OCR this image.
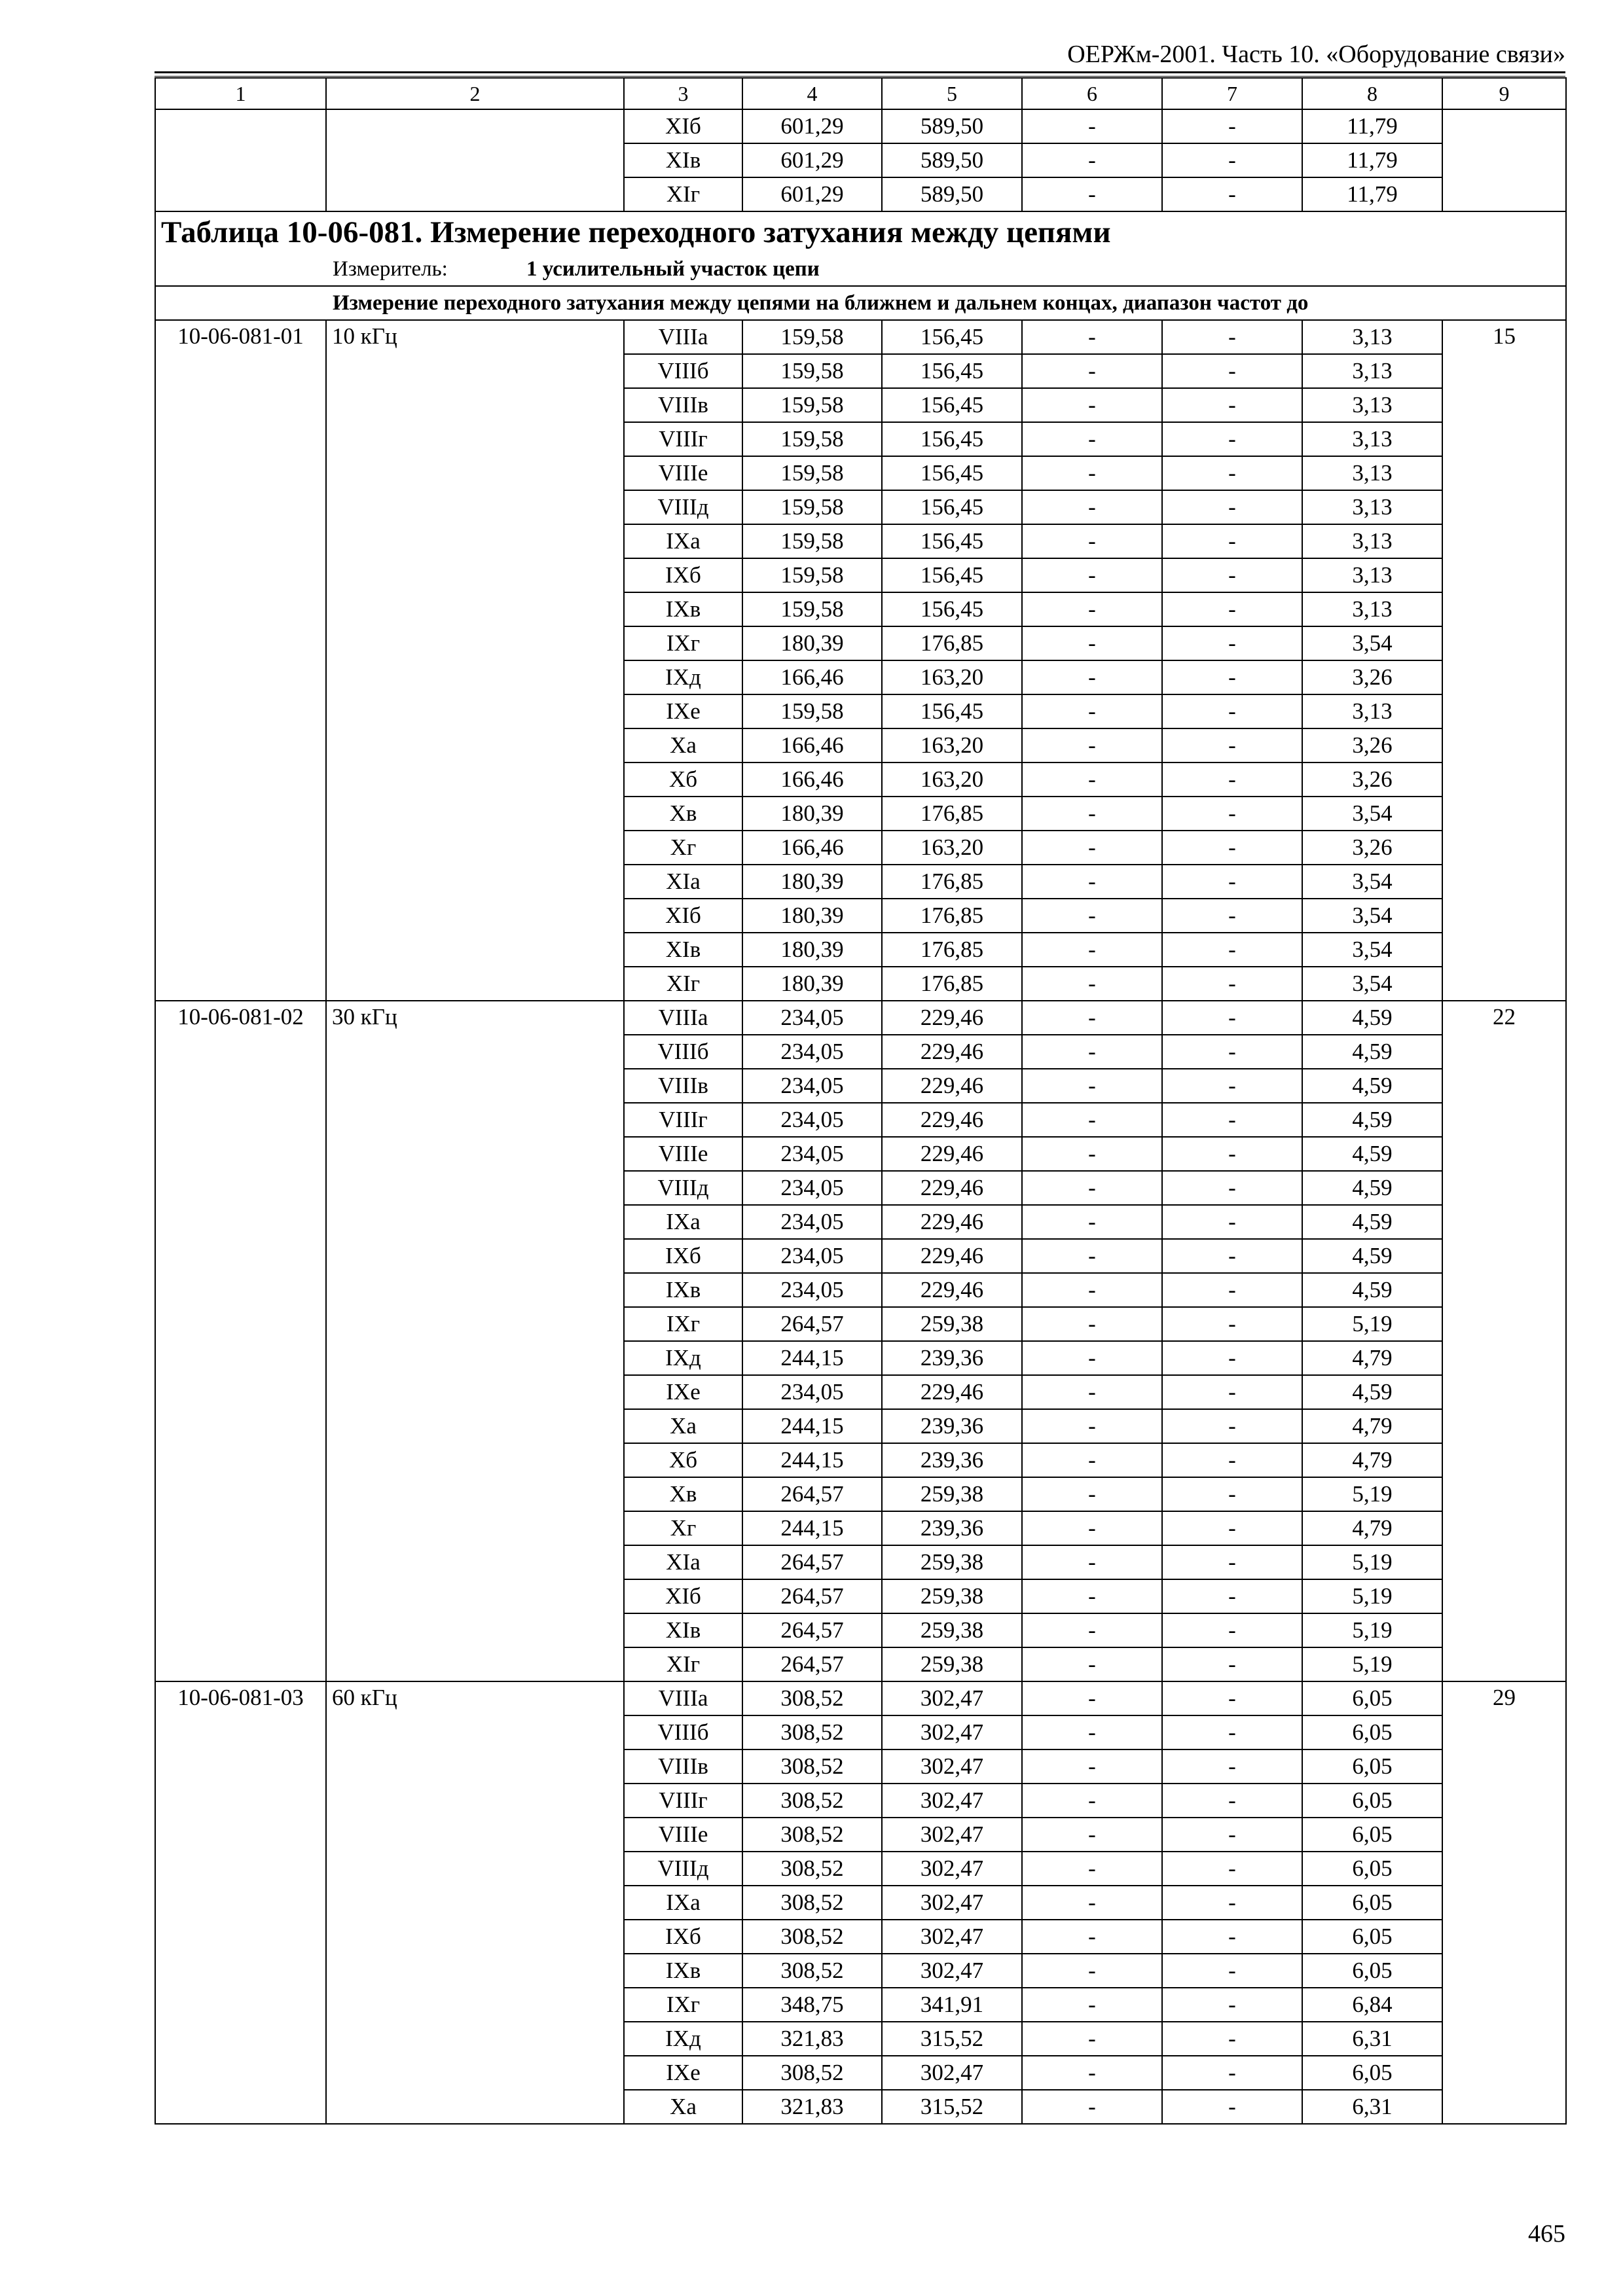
ОЕРЖм-2001. Часть 10. «Оборудование связи»
1	2	3	4	5	6	7	8	9
		XIб	601,29	589,50	-	-	11,79	
		XIв	601,29	589,50	-	-	11,79	
		XIг	601,29	589,50	-	-	11,79	
Таблица 10-06-081. Измерение переходного затухания между цепями								
Измеритель: 1 усилительный участок цепи								
Измерение переходного затухания между цепями на ближнем и дальнем концах, диапазон частот до								
10-06-081-01	10 кГц	VIIIа	159,58	156,45	-	-	3,13	15
		VIIIб	159,58	156,45	-	-	3,13	
		VIIIв	159,58	156,45	-	-	3,13	
		VIIIг	159,58	156,45	-	-	3,13	
		VIIIе	159,58	156,45	-	-	3,13	
		VIIIд	159,58	156,45	-	-	3,13	
		IXа	159,58	156,45	-	-	3,13	
		IXб	159,58	156,45	-	-	3,13	
		IXв	159,58	156,45	-	-	3,13	
		IXг	180,39	176,85	-	-	3,54	
		IXд	166,46	163,20	-	-	3,26	
		IXе	159,58	156,45	-	-	3,13	
		Xа	166,46	163,20	-	-	3,26	
		Xб	166,46	163,20	-	-	3,26	
		Xв	180,39	176,85	-	-	3,54	
		Xг	166,46	163,20	-	-	3,26	
		XIа	180,39	176,85	-	-	3,54	
		XIб	180,39	176,85	-	-	3,54	
		XIв	180,39	176,85	-	-	3,54	
		XIг	180,39	176,85	-	-	3,54	
10-06-081-02	30 кГц	VIIIа	234,05	229,46	-	-	4,59	22
		VIIIб	234,05	229,46	-	-	4,59	
		VIIIв	234,05	229,46	-	-	4,59	
		VIIIг	234,05	229,46	-	-	4,59	
		VIIIе	234,05	229,46	-	-	4,59	
		VIIIд	234,05	229,46	-	-	4,59	
		IXа	234,05	229,46	-	-	4,59	
		IXб	234,05	229,46	-	-	4,59	
		IXв	234,05	229,46	-	-	4,59	
		IXг	264,57	259,38	-	-	5,19	
		IXд	244,15	239,36	-	-	4,79	
		IXе	234,05	229,46	-	-	4,59	
		Xа	244,15	239,36	-	-	4,79	
		Xб	244,15	239,36	-	-	4,79	
		Xв	264,57	259,38	-	-	5,19	
		Xг	244,15	239,36	-	-	4,79	
		XIа	264,57	259,38	-	-	5,19	
		XIб	264,57	259,38	-	-	5,19	
		XIв	264,57	259,38	-	-	5,19	
		XIг	264,57	259,38	-	-	5,19	
10-06-081-03	60 кГц	VIIIа	308,52	302,47	-	-	6,05	29
		VIIIб	308,52	302,47	-	-	6,05	
		VIIIв	308,52	302,47	-	-	6,05	
		VIIIг	308,52	302,47	-	-	6,05	
		VIIIе	308,52	302,47	-	-	6,05	
		VIIIд	308,52	302,47	-	-	6,05	
		IXа	308,52	302,47	-	-	6,05	
		IXб	308,52	302,47	-	-	6,05	
		IXв	308,52	302,47	-	-	6,05	
		IXг	348,75	341,91	-	-	6,84	
		IXд	321,83	315,52	-	-	6,31	
		IXе	308,52	302,47	-	-	6,05	
		Xа	321,83	315,52	-	-	6,31	
465
